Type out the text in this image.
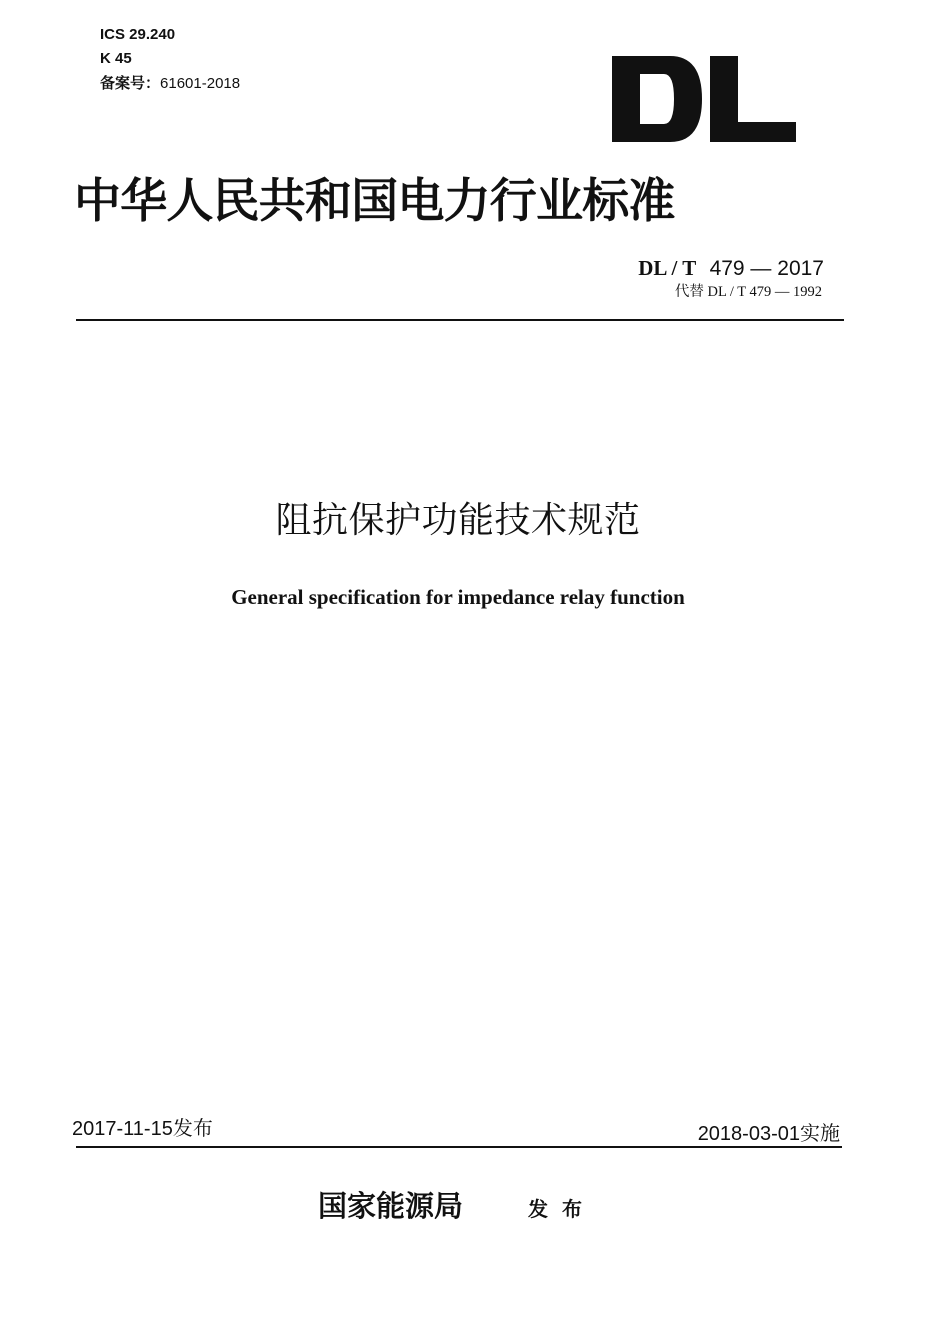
ICS 29.240
K 45
备案号：61601-2018
中华人民共和国电力行业标准
DL / T 479 — 2017
代替 DL / T 479 — 1992
阻抗保护功能技术规范
General specification for impedance relay function
2017-11-15发布	2018-03-01实施
国家能源局	发布
